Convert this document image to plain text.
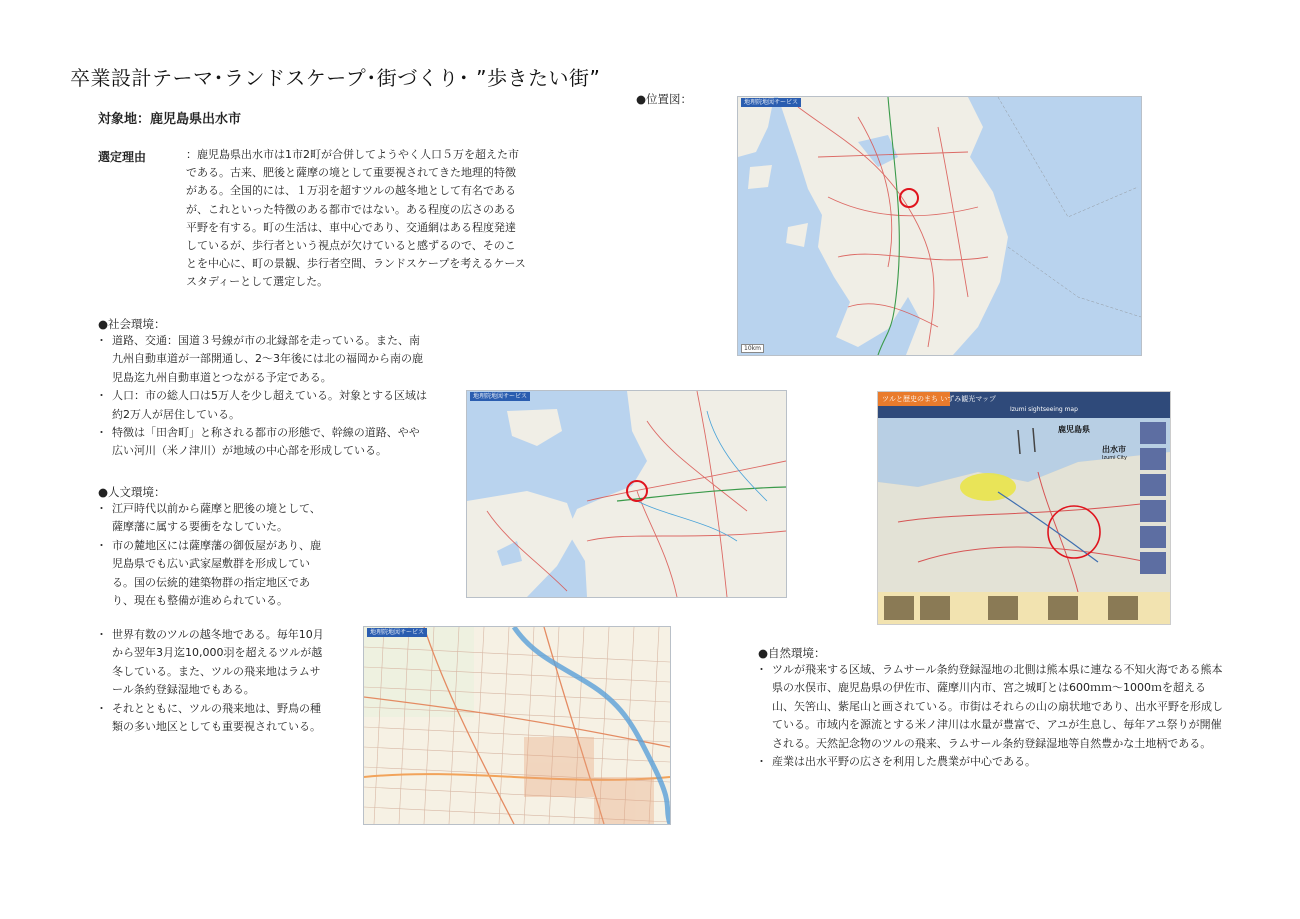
卒業設計テーマ･ランドスケープ･街づくり･ ”歩きたい街”
対象地：鹿児島県出水市
選定理由	：鹿児島県出水市は1市2町が合併してようやく人口５万を超えた市である。古来、肥後と薩摩の境として重要視されてきた地理的特徴がある。全国的には、１万羽を超すツルの越冬地として有名であるが、これといった特徴のある都市ではない。ある程度の広さのある平野を有する。町の生活は、車中心であり、交通網はある程度発達しているが、歩行者という視点が欠けていると感ずるので、そのことを中心に、町の景観、歩行者空間、ランドスケープを考えるケーススタディーとして選定した。
●社会環境：
・ 道路、交通：国道３号線が市の北縁部を走っている。また、南九州自動車道が一部開通し、2〜3年後には北の福岡から南の鹿児島迄九州自動車道とつながる予定である。
・ 人口：市の総人口は5万人を少し超えている。対象とする区域は約2万人が居住している。
・ 特徴は「田舎町」と称される都市の形態で、幹線の道路、やや広い河川（米ノ津川）が地域の中心部を形成している。
●人文環境：
・ 江戸時代以前から薩摩と肥後の境として、薩摩藩に属する要衝をなしていた。
・ 市の麓地区には薩摩藩の御仮屋があり、鹿児島県でも広い武家屋敷群を形成している。国の伝統的建築物群の指定地区であり、現在も整備が進められている。
・ 世界有数のツルの越冬地である。毎年10月から翌年3月迄10,000羽を超えるツルが越冬している。また、ツルの飛来地はラムサール条約登録湿地でもある。
・ それとともに、ツルの飛来地は、野鳥の種類の多い地区としても重要視されている。
●位置図：	地理院地図サービス
10km
地理院地図サービス
地理院地図サービス
ツルと歴史のまち いずみ観光マップ
Izumi sightseeing map
鹿児島県
出水市
Izumi City
●自然環境：
・ ツルが飛来する区域、ラムサール条約登録湿地の北側は熊本県に連なる不知火海である熊本県の水俣市、鹿児島県の伊佐市、薩摩川内市、宮之城町とは600ｍｍ〜1000ｍを超える山、矢筈山、紫尾山と画されている。市街はそれらの山の扇状地であり、出水平野を形成している。市域内を源流とする米ノ津川は水量が豊富で、アユが生息し、毎年アユ祭りが開催される。天然記念物のツルの飛来、ラムサール条約登録湿地等自然豊かな土地柄である。
・ 産業は出水平野の広さを利用した農業が中心である。
